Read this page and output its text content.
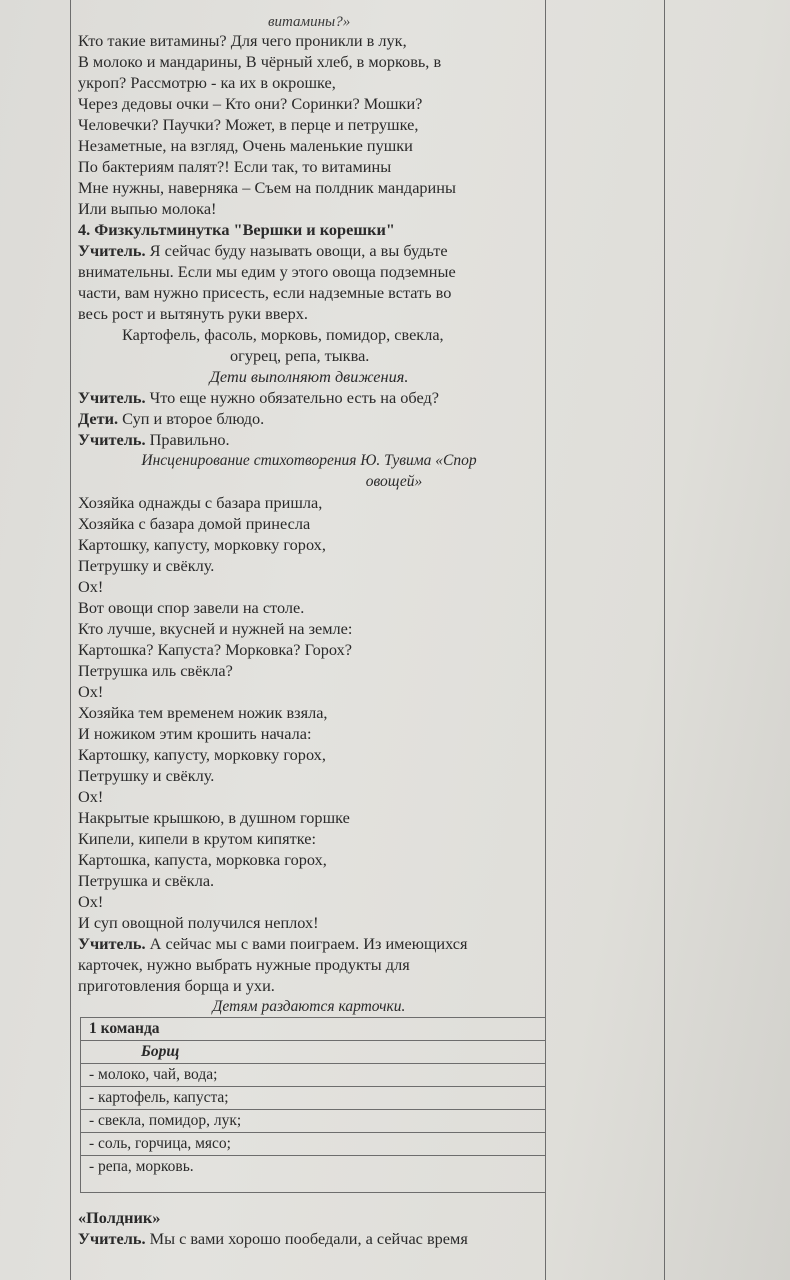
витамины?»
Кто такие витамины? Для чего проникли в лук,
В молоко и мандарины, В чёрный хлеб, в морковь, в
укроп? Рассмотрю - ка их в окрошке,
Через дедовы очки – Кто они? Соринки? Мошки?
Человечки? Паучки? Может, в перце и петрушке,
Незаметные, на взгляд, Очень маленькие пушки
По бактериям палят?! Если так, то витамины
Мне нужны, наверняка – Съем на полдник мандарины
Или выпью молока!
4. Физкультминутка "Вершки и корешки"
Учитель. Я сейчас буду называть овощи, а вы будьте
внимательны. Если мы едим у этого овоща подземные
части, вам нужно присесть, если надземные встать во
весь рост и вытянуть руки вверх.
Картофель, фасоль, морковь, помидор, свекла,
огурец, репа, тыква.
Дети выполняют движения.
Учитель. Что еще нужно обязательно есть на обед?
Дети. Суп и второе блюдо.
Учитель. Правильно.
Инсценирование стихотворения Ю. Тувима «Спор
овощей»
Хозяйка однажды с базара пришла,
Хозяйка с базара домой принесла
Картошку, капусту, морковку горох,
Петрушку и свёклу.
Ох!
Вот овощи спор завели на столе.
Кто лучше, вкусней и нужней на земле:
Картошка? Капуста? Морковка? Горох?
Петрушка иль свёкла?
Ох!
Хозяйка тем временем ножик взяла,
И ножиком этим крошить начала:
Картошку, капусту, морковку горох,
Петрушку и свёклу.
Ох!
Накрытые крышкою, в душном горшке
Кипели, кипели в крутом кипятке:
Картошка, капуста, морковка горох,
Петрушка и свёкла.
Ох!
И суп овощной получился неплох!
Учитель. А сейчас мы с вами поиграем. Из имеющихся
карточек, нужно выбрать нужные продукты для
приготовления борща и ухи.
Детям раздаются карточки.
1 команда
Борщ
- молоко, чай, вода;
- картофель, капуста;
- свекла, помидор, лук;
- соль, горчица, мясо;
- репа, морковь.
«Полдник»
Учитель. Мы с вами хорошо пообедали, а сейчас время
